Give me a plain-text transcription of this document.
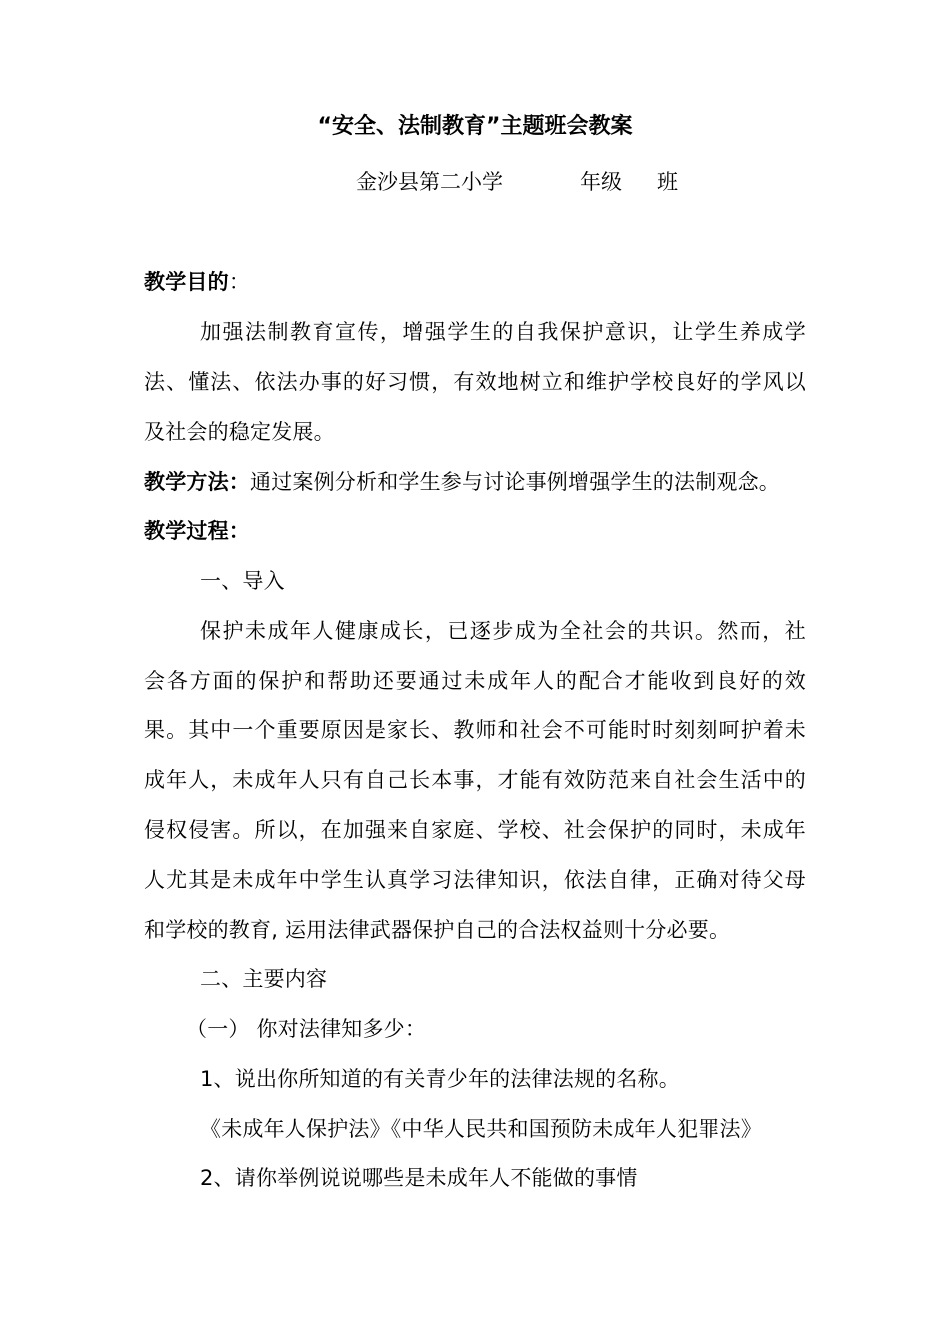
“安全、法制教育”主题班会教案
金沙县第二小学	年级 班
教学目的：
加强法制教育宣传，增强学生的自我保护意识，让学生养成学
法、懂法、依法办事的好习惯，有效地树立和维护学校良好的学风以
及社会的稳定发展。
教学方法：通过案例分析和学生参与讨论事例增强学生的法制观念。
教学过程：
一、导入
保护未成年人健康成长，已逐步成为全社会的共识。然而，社
会各方面的保护和帮助还要通过未成年人的配合才能收到良好的效
果。其中一个重要原因是家长、教师和社会不可能时时刻刻呵护着未
成年人，未成年人只有自己长本事，才能有效防范来自社会生活中的
侵权侵害。所以，在加强来自家庭、学校、社会保护的同时，未成年
人尤其是未成年中学生认真学习法律知识，依法自律，正确对待父母
和学校的教育, 运用法律武器保护自己的合法权益则十分必要。
二、主要内容
（一） 你对法律知多少：
1、说出你所知道的有关青少年的法律法规的名称。
《未成年人保护法》《中华人民共和国预防未成年人犯罪法》
2、请你举例说说哪些是未成年人不能做的事情
